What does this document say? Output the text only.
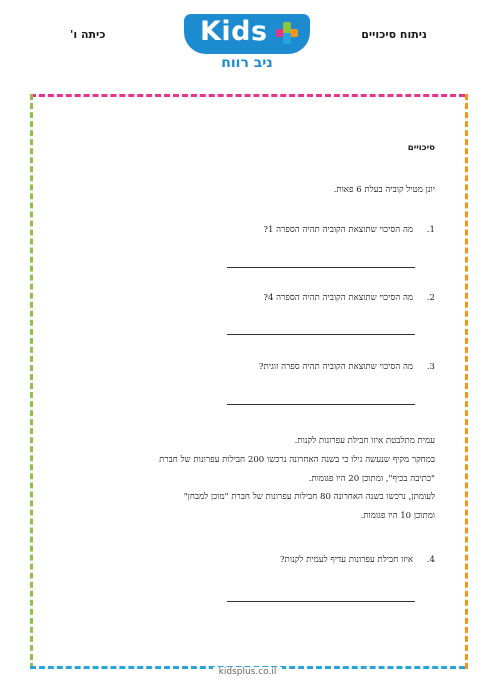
ניתוח סיכויים
כיתה ו'	Kids
ניב רווח
סיכויים
יונן מטיל קוביה בעלת 6 פאות.
1.מה הסיכוי שתוצאת הקוביה תהיה הספרה 1?
2.מה הסיכוי שתוצאת הקוביה תהיה הספרה 4?
3.מה הסיכוי שתוצאת הקוביה תהיה ספרה זוגית?
עמית מתלבטת איזו חבילת עפרונות לקנות.
במחקר מקיף שנעשה גילו כי בשנה האחרונה נרכשו 200 חבילות עפרונות של חברת
"כתיבה בכיף", ומתוכן 20 היו פגומות.
לעומתן, נרכשו בשנה האחרונה 80 חבילות עפרונות של חברת "מוכן למבחן"
ומתוכן 10 היו פגומות.
4.איזו חבילת עפרונות עדיף לעמית לקנות?
kidsplus.co.il
